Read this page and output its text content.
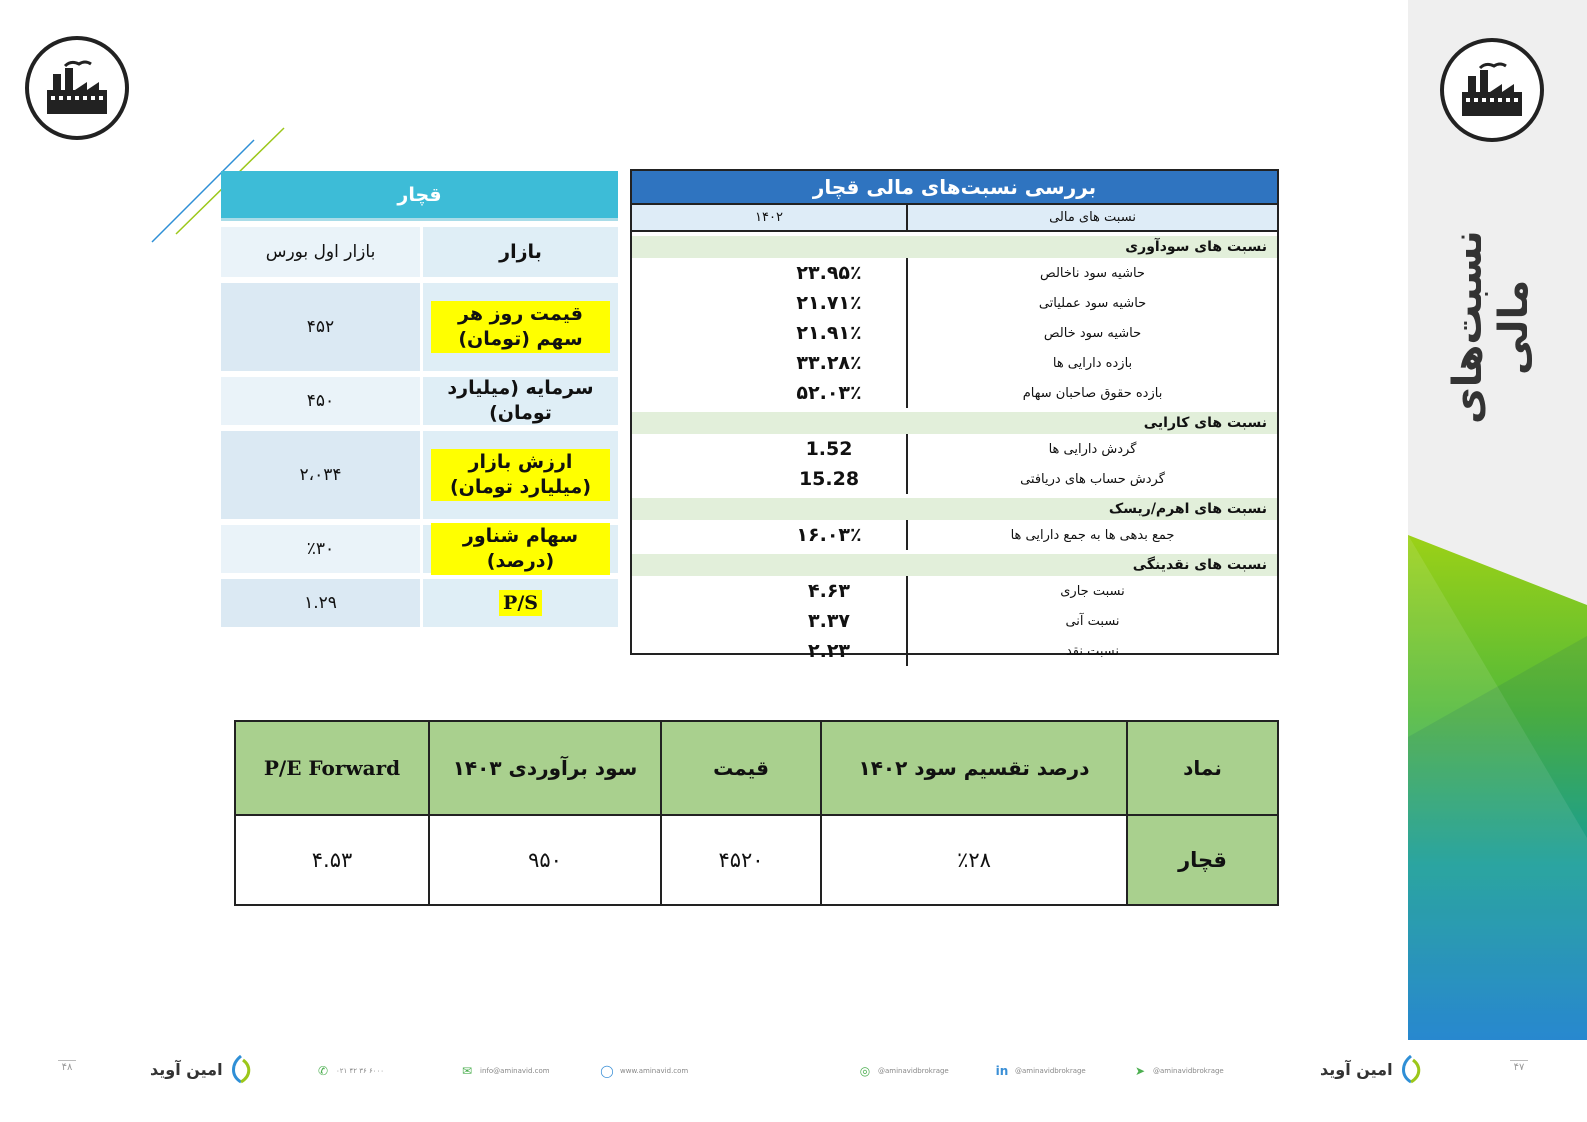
نسبت‌های مالی
قچار
بازار
بازار اول بورس
قیمت روز هر سهم (تومان)
۴۵۲
سرمایه (میلیارد تومان)
۴۵۰
ارزش بازار (میلیارد تومان)
۲،۰۳۴
سهام شناور (درصد)
٪۳۰
P/S
۱.۲۹
بررسی نسبت‌های مالی قچار
نسبت های مالی
۱۴۰۲
نسبت های سودآوری
حاشیه سود ناخالص
۲۳.۹۵٪
حاشیه سود عملیاتی
۲۱.۷۱٪
حاشیه سود خالص
۲۱.۹۱٪
بازده دارایی ها
۳۳.۲۸٪
بازده حقوق صاحبان سهام
۵۲.۰۳٪
نسبت های کارایی
گردش دارایی ها
1.52
گردش حساب های دریافتی
15.28
نسبت های اهرم/ریسک
جمع بدهی ها به جمع دارایی ها
۱۶.۰۳٪
نسبت های نقدینگی
نسبت جاری
۴.۶۳
نسبت آنی
۳.۳۷
نسبت نقد
۲.۲۳
نماد	درصد تقسیم سود ۱۴۰۲	قیمت	سود برآوردی ۱۴۰۳	P/E Forward
قچار	٪۲۸	۴۵۲۰	۹۵۰	۴.۵۳
۴۸	امین آوید	✆ ۰۲۱ ۴۲ ۳۶ ۶۰۰۰	✉ info@aminavid.com	◯ www.aminavid.com	◎ @aminavidbrokrage	in @aminavidbrokrage	➤ @aminavidbrokrage	امین آوید	۴۷
